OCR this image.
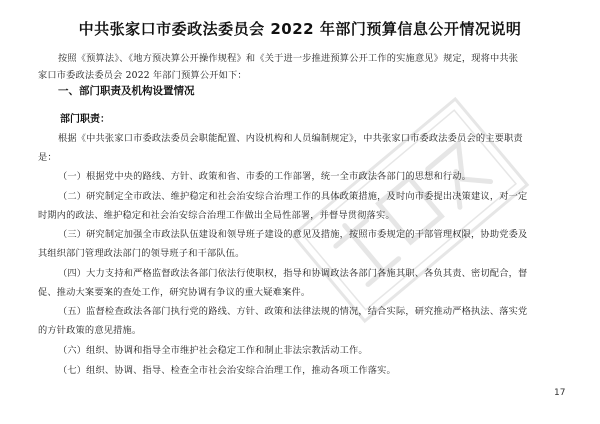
中共张家口市委政法委员会 2022 年部门预算信息公开情况说明
按照《预算法》、《地方预决算公开操作规程》和《关于进一步推进预算公开工作的实施意见》规定，现将中共张
家口市委政法委员会 2022 年部门预算公开如下：
一、部门职责及机构设置情况
部门职责：
根据《中共张家口市委政法委员会职能配置、内设机构和人员编制规定》，中共张家口市委政法委员会的主要职责
是：
（一）根据党中央的路线、方针、政策和省、市委的工作部署，统一全市政法各部门的思想和行动。
（二）研究制定全市政法、维护稳定和社会治安综合治理工作的具体政策措施，及时向市委提出决策建议，对一定
时期内的政法、维护稳定和社会治安综合治理工作做出全局性部署，并督导贯彻落实。
（三）研究制定加强全市政法队伍建设和领导班子建设的意见及措施，按照市委规定的干部管理权限，协助党委及
其组织部门管理政法部门的领导班子和干部队伍。
（四）大力支持和严格监督政法各部门依法行使职权，指导和协调政法各部门各施其职、各负其责、密切配合，督
促、推动大案要案的查处工作，研究协调有争议的重大疑难案件。
（五）监督检查政法各部门执行党的路线、方针、政策和法律法规的情况，结合实际，研究推动严格执法、落实党
的方针政策的意见措施。
（六）组织、协调和指导全市维护社会稳定工作和制止非法宗教活动工作。
（七）组织、协调、指导、检查全市社会治安综合治理工作，推动各项工作落实。
17
